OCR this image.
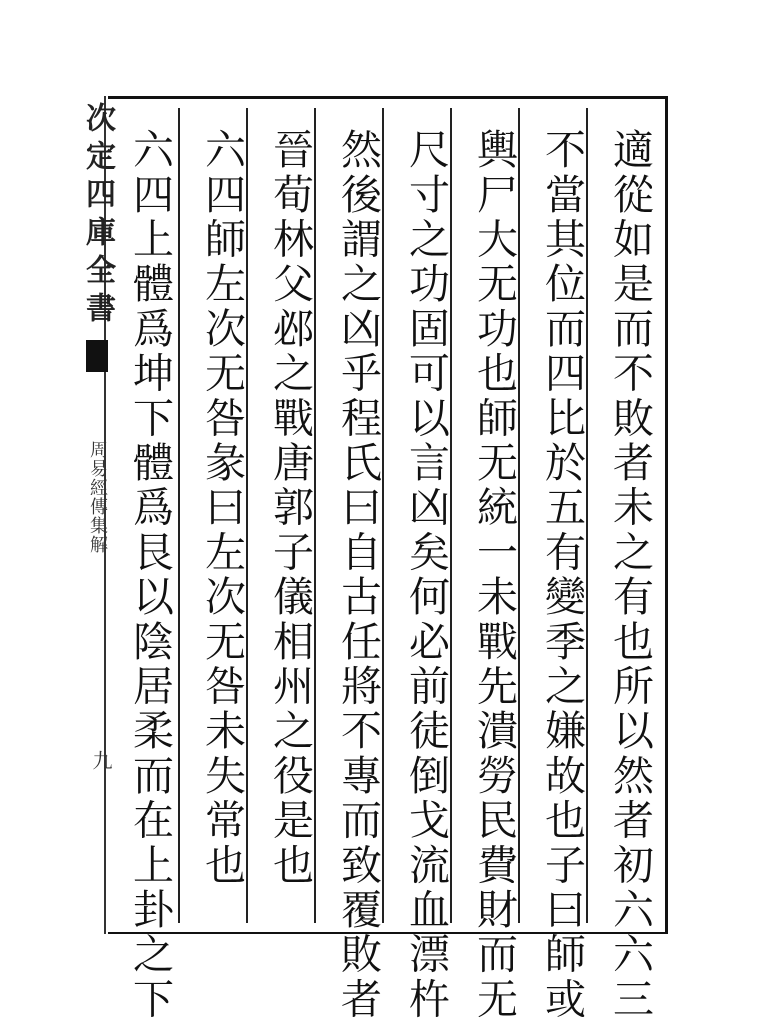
次定四庫全書
周易經傳集解
九	適從如是而不敗者未之有也所以然者初六六三
不當其位而四比於五有變季之嫌故也子曰師或
輿尸大无功也師无統一未戰先潰勞民費財而无
尺寸之功固可以言凶矣何必前徒倒戈流血漂杵
然後謂之凶乎程氏曰自古任將不專而致覆敗者
晉荀林父邲之戰唐郭子儀相州之役是也
六四師左次无咎彖曰左次无咎未失常也
六四上體爲坤下體爲艮以陰居柔而在上卦之下
